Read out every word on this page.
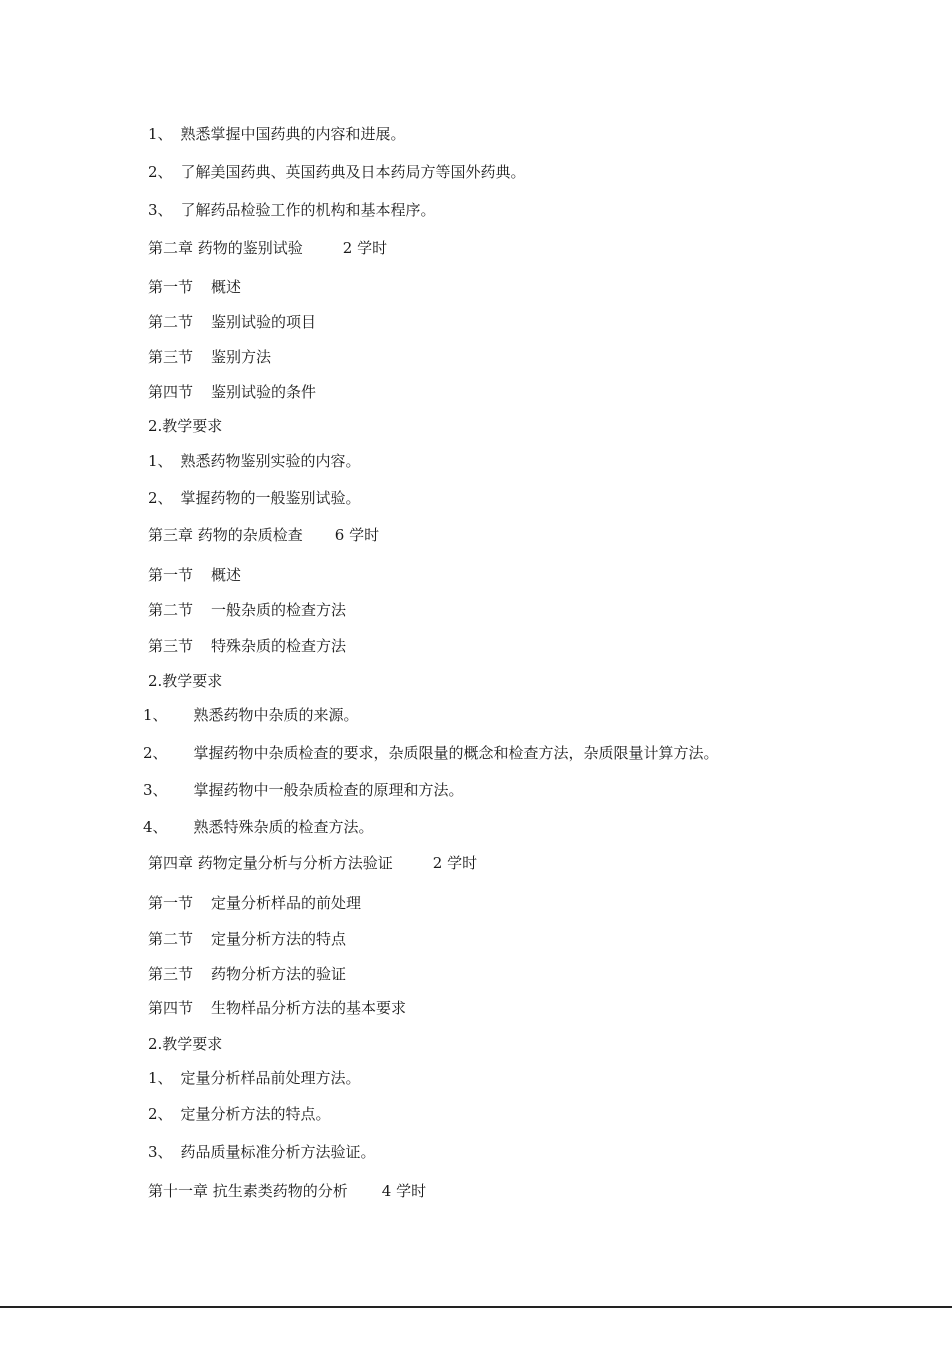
1、 熟悉掌握中国药典的内容和进展。
2、 了解美国药典、英国药典及日本药局方等国外药典。
3、 了解药品检验工作的机构和基本程序。
第二章 药物的鉴别试验	2 学时
第一节 概述
第二节 鉴别试验的项目
第三节 鉴别方法
第四节 鉴别试验的条件
2.教学要求
1、 熟悉药物鉴别实验的内容。
2、 掌握药物的一般鉴别试验。
第三章 药物的杂质检查 6 学时
第一节 概述
第二节 一般杂质的检查方法
第三节 特殊杂质的检查方法
2.教学要求
1、 熟悉药物中杂质的来源。
2、 掌握药物中杂质检查的要求，杂质限量的概念和检查方法，杂质限量计算方法。
3、 掌握药物中一般杂质检查的原理和方法。
4、 熟悉特殊杂质的检查方法。
第四章 药物定量分析与分析方法验证	2 学时
第一节 定量分析样品的前处理
第二节 定量分析方法的特点
第三节 药物分析方法的验证
第四节 生物样品分析方法的基本要求
2.教学要求
1、 定量分析样品前处理方法。
2、 定量分析方法的特点。
3、 药品质量标准分析方法验证。
第十一章 抗生素类药物的分析 4 学时
